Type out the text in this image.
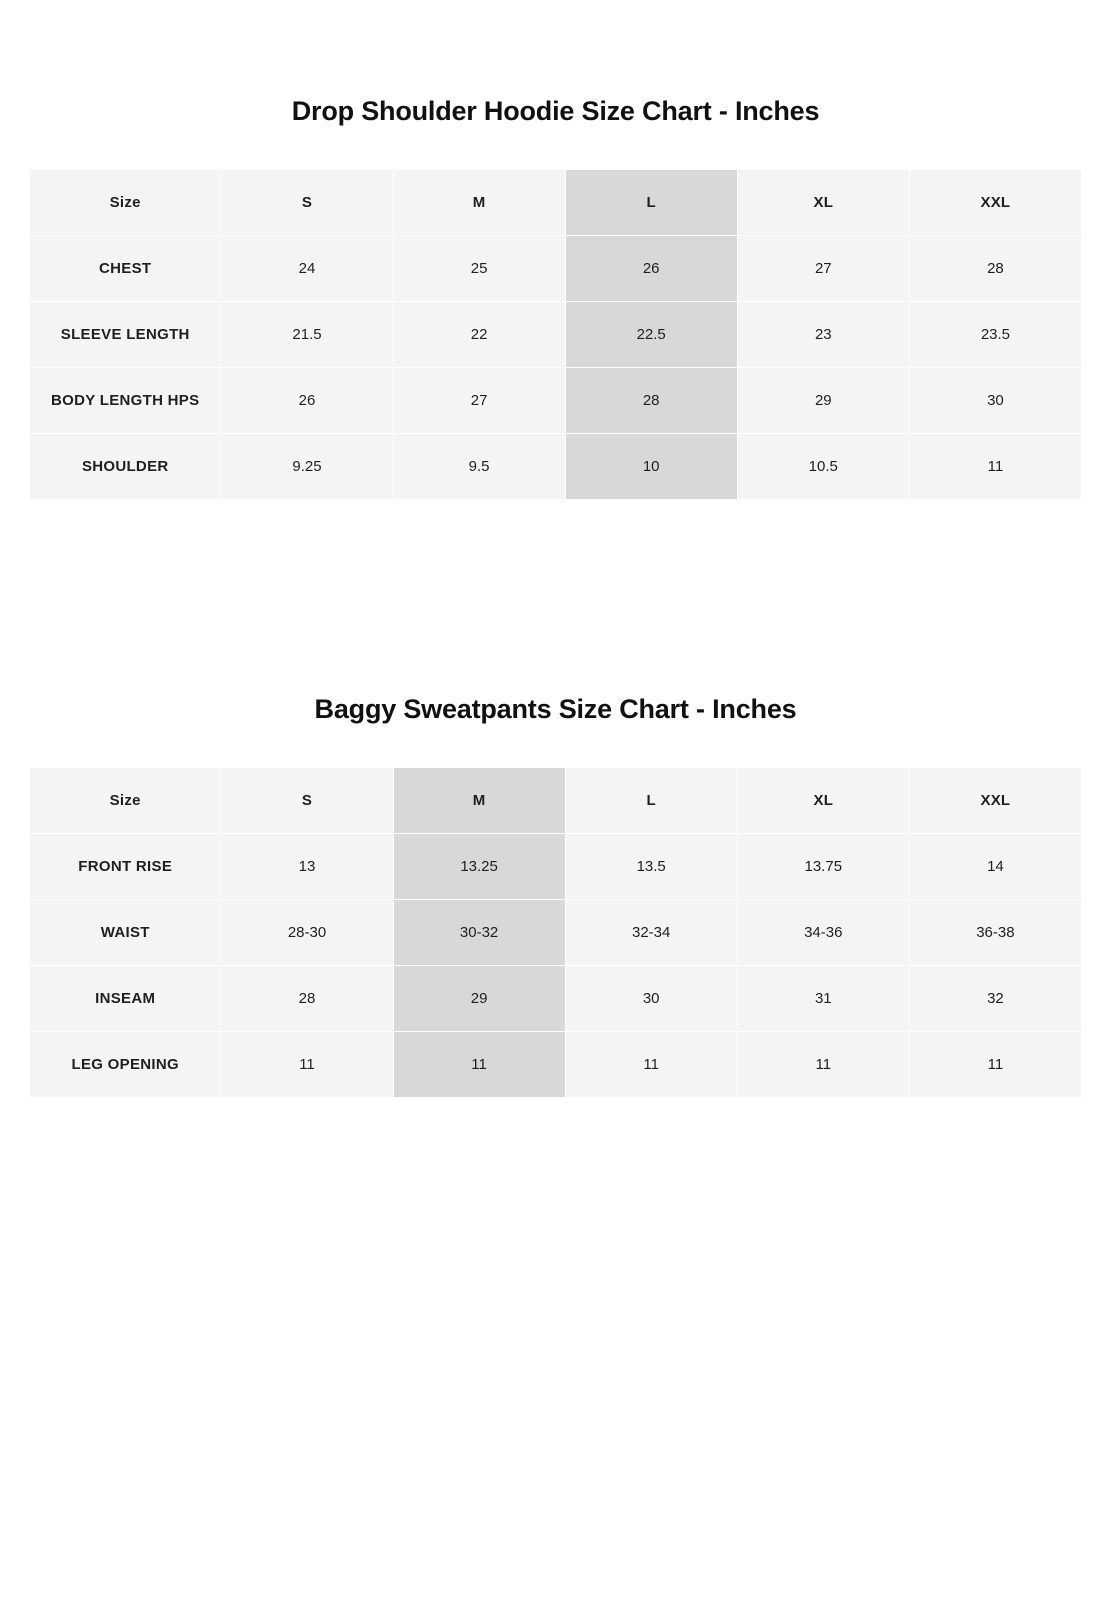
Drop Shoulder Hoodie Size Chart - Inches
Size	S	M	L	XL	XXL
CHEST	24	25	26	27	28
SLEEVE LENGTH	21.5	22	22.5	23	23.5
BODY LENGTH HPS	26	27	28	29	30
SHOULDER	9.25	9.5	10	10.5	11
Baggy Sweatpants Size Chart - Inches
Size	S	M	L	XL	XXL
FRONT RISE	13	13.25	13.5	13.75	14
WAIST	28-30	30-32	32-34	34-36	36-38
INSEAM	28	29	30	31	32
LEG OPENING	11	11	11	11	11
